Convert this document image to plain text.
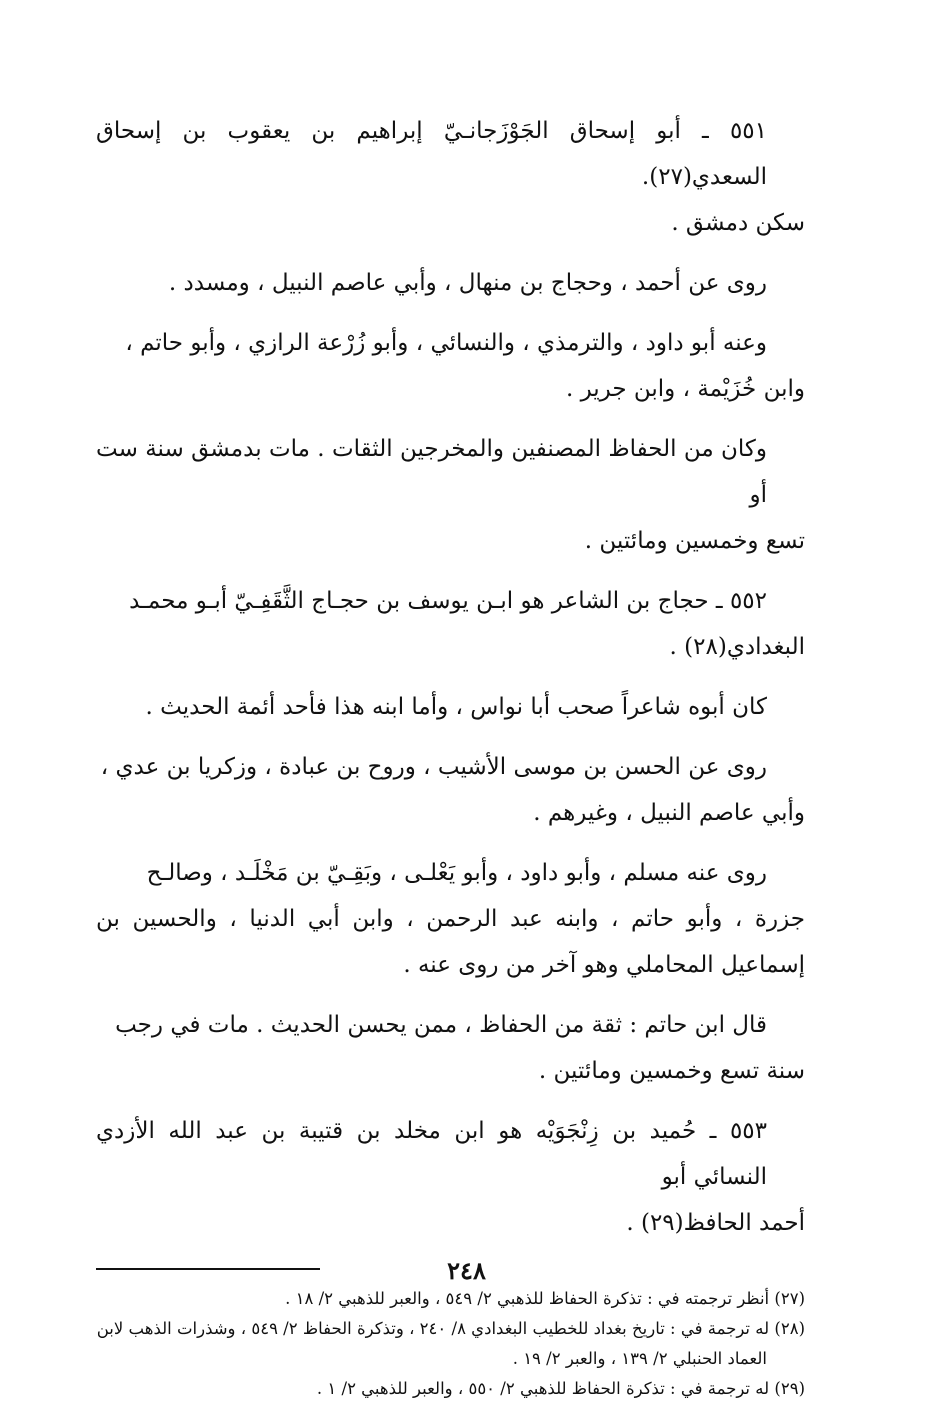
٥٥١ ـ أبو إسحاق الجَوْزَجانـيّ إبراهيم بن يعقوب بن إسحاق السعدي(٢٧).
سكن دمشق .

روى عن أحمد ، وحجاج بن منهال ، وأبي عاصم النبيل ، ومسدد .

وعنه أبو داود ، والترمذي ، والنسائي ، وأبو زُرْعة الرازي ، وأبو حاتم ،
وابن خُزَيْمة ، وابن جرير .

وكان من الحفاظ المصنفين والمخرجين الثقات . مات بدمشق سنة ست أو
تسع وخمسين ومائتين .

٥٥٢ ـ حجاج بن الشاعر هو ابـن يوسف بن حجـاج الثَّقَفِـيّ أبـو محمـد
البغدادي(٢٨) .

كان أبوه شاعراً صحب أبا نواس ، وأما ابنه هذا فأحد أئمة الحديث .

روى عن الحسن بن موسى الأشيب ، وروح بن عبادة ، وزكريا بن عدي ،
وأبي عاصم النبيل ، وغيرهم .

روى عنه مسلم ، وأبو داود ، وأبو يَعْلـى ، وبَقِـيّ بن مَخْلَـد ، وصالـح
جزرة ، وأبو حاتم ، وابنه عبد الرحمن ، وابن أبي الدنيا ، والحسين بن إسماعيل المحاملي وهو آخر من روى عنه .

قال ابن حاتم : ثقة من الحفاظ ، ممن يحسن الحديث . مات في رجب
سنة تسع وخمسين ومائتين .

٥٥٣ ـ حُميد بن زِنْجَوَيْه هو ابن مخلد بن قتيبة بن عبد الله الأزدي النسائي أبو
أحمد الحافظ(٢٩) .

(٢٧) أنظر ترجمته في : تذكرة الحفاظ للذهبي ٢/ ٥٤٩ ، والعبر للذهبي ٢/ ١٨ .

(٢٨) له ترجمة في : تاريخ بغداد للخطيب البغدادي ٨/ ٢٤٠ ، وتذكرة الحفاظ ٢/ ٥٤٩ ، وشذرات الذهب لابن
العماد الحنبلي ٢/ ١٣٩ ، والعبر ٢/ ١٩ .

(٢٩) له ترجمة في : تذكرة الحفاظ للذهبي ٢/ ٥٥٠ ، والعبر للذهبي ٢/ ١ .

٢٤٨
